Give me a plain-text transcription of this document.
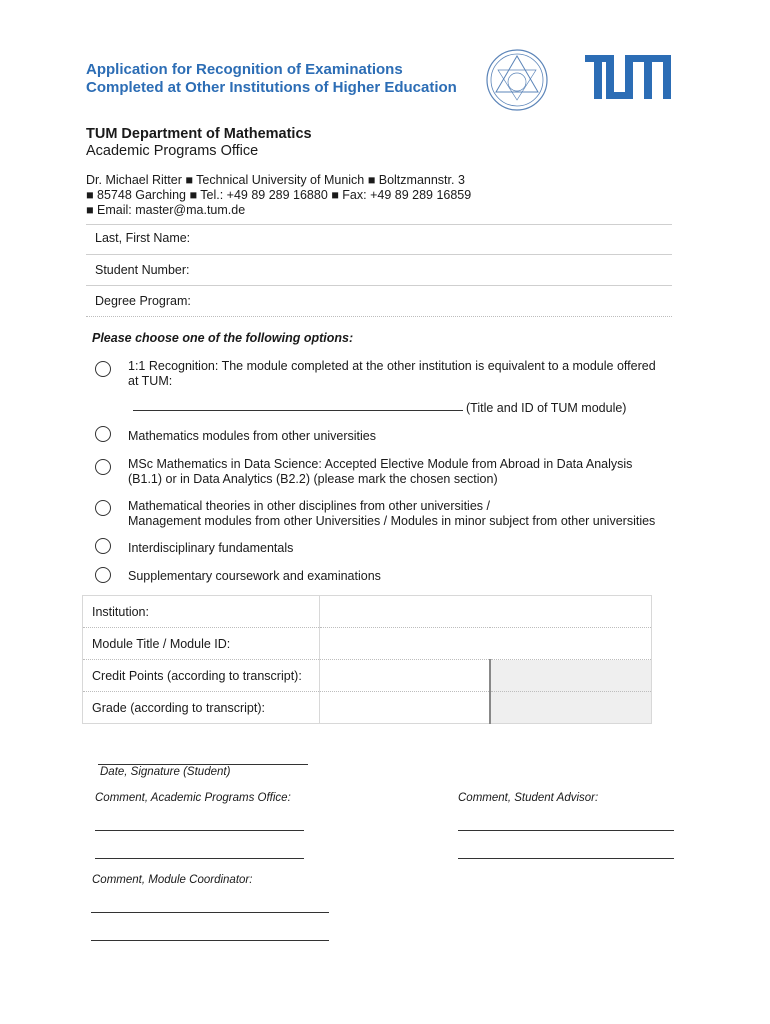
Application for Recognition of Examinations
Completed at Other Institutions of Higher Education
TUM Department of Mathematics
Academic Programs Office
Dr. Michael Ritter ■ Technical University of Munich ■ Boltzmannstr. 3
■ 85748 Garching ■ Tel.: +49 89 289 16880 ■ Fax: +49 89 289 16859
■ Email: master@ma.tum.de
Last, First Name:
Student Number:
Degree Program:
Please choose one of the following options:
1:1 Recognition: The module completed at the other institution is equivalent to a module offered
at TUM:
(Title and ID of TUM module)
Mathematics modules from other universities
MSc Mathematics in Data Science: Accepted Elective Module from Abroad in Data Analysis
(B1.1) or in Data Analytics (B2.2) (please mark the chosen section)
Mathematical theories in other disciplines from other universities /
Management modules from other Universities / Modules in minor subject from other universities
Interdisciplinary fundamentals
Supplementary coursework and examinations
Institution:		
Module Title / Module ID:		
Credit Points (according to transcript):		
Grade (according to transcript):		
Date, Signature (Student)
Comment, Academic Programs Office:	Comment, Student Advisor:
Comment, Module Coordinator:
